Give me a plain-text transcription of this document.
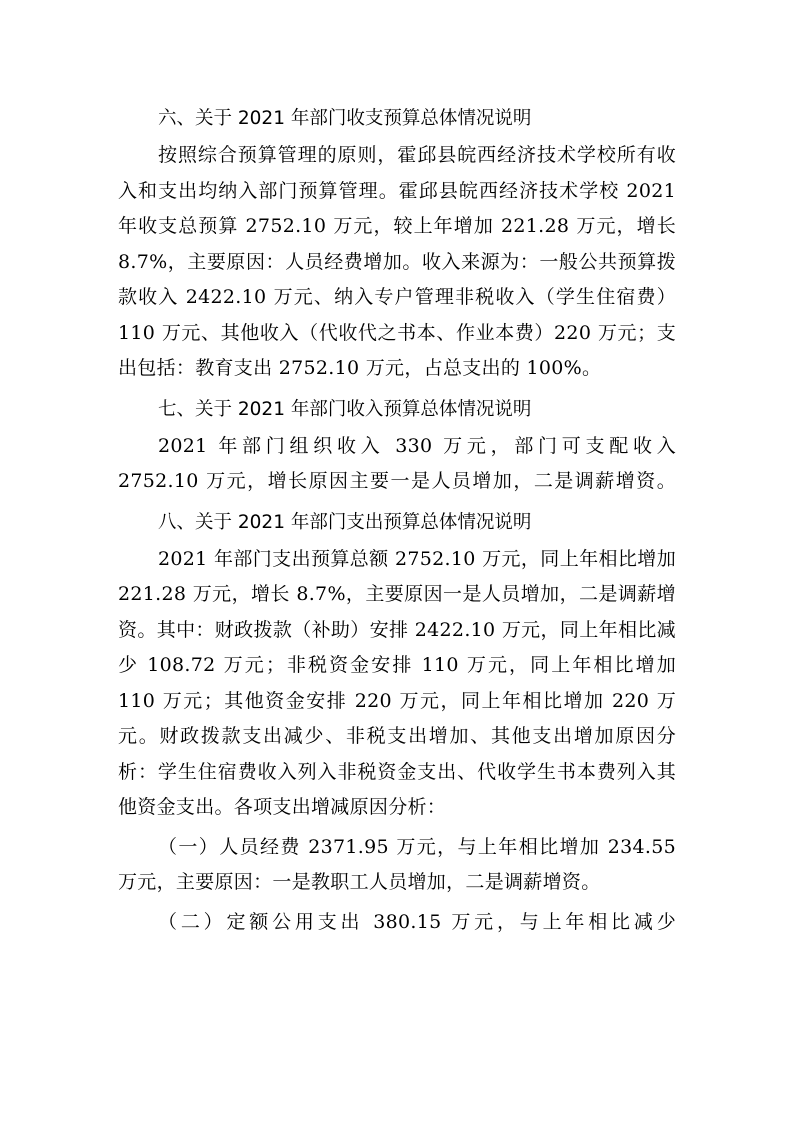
六、关于 2021 年部门收支预算总体情况说明

按照综合预算管理的原则，霍邱县皖西经济技术学校所有收入和支出均纳入部门预算管理。霍邱县皖西经济技术学校 2021 年收支总预算 2752.10 万元，较上年增加 221.28 万元，增长 8.7%，主要原因：人员经费增加。收入来源为：一般公共预算拨款收入 2422.10 万元、纳入专户管理非税收入（学生住宿费）110 万元、其他收入（代收代之书本、作业本费）220 万元；支出包括：教育支出 2752.10 万元，占总支出的 100%。

七、关于 2021 年部门收入预算总体情况说明

2021 年部门组织收入 330 万元，部门可支配收入 2752.10 万元，增长原因主要一是人员增加，二是调薪增资。

八、关于 2021 年部门支出预算总体情况说明

2021 年部门支出预算总额 2752.10 万元，同上年相比增加 221.28 万元，增长 8.7%，主要原因一是人员增加，二是调薪增资。其中：财政拨款（补助）安排 2422.10 万元，同上年相比减少 108.72 万元；非税资金安排 110 万元，同上年相比增加 110 万元；其他资金安排 220 万元，同上年相比增加 220 万元。财政拨款支出减少、非税支出增加、其他支出增加原因分析：学生住宿费收入列入非税资金支出、代收学生书本费列入其他资金支出。各项支出增减原因分析：

（一）人员经费 2371.95 万元，与上年相比增加 234.55 万元，主要原因：一是教职工人员增加，二是调薪增资。

（二）定额公用支出 380.15 万元，与上年相比减少
